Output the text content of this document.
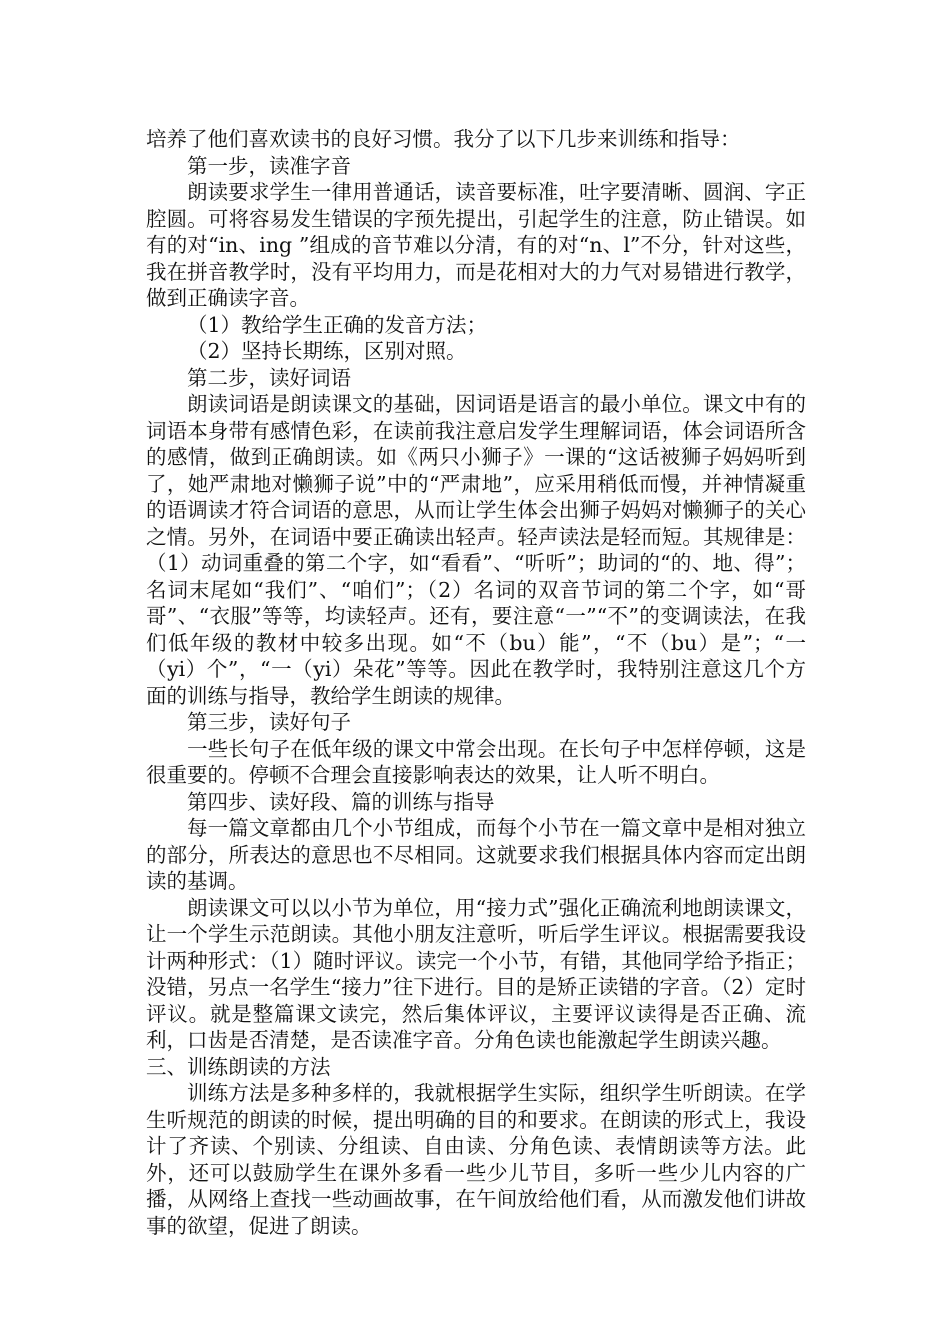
培养了他们喜欢读书的良好习惯。我分了以下几步来训练和指导：

第一步，读准字音

朗读要求学生一律用普通话，读音要标准，吐字要清晰、圆润、字正腔圆。可将容易发生错误的字预先提出，引起学生的注意，防止错误。如有的对“in、ing ”组成的音节难以分清，有的对“n、l”不分，针对这些，我在拼音教学时，没有平均用力，而是花相对大的力气对易错进行教学，做到正确读字音。

（1）教给学生正确的发音方法；

（2）坚持长期练，区别对照。

第二步，读好词语

朗读词语是朗读课文的基础，因词语是语言的最小单位。课文中有的词语本身带有感情色彩，在读前我注意启发学生理解词语，体会词语所含的感情，做到正确朗读。如《两只小狮子》一课的“这话被狮子妈妈听到了，她严肃地对懒狮子说”中的“严肃地”，应采用稍低而慢，并神情凝重的语调读才符合词语的意思，从而让学生体会出狮子妈妈对懒狮子的关心之情。另外，在词语中要正确读出轻声。轻声读法是轻而短。其规律是：（1）动词重叠的第二个字，如“看看”、“听听”；助词的“的、地、得”；名词末尾如“我们”、“咱们”；（2）名词的双音节词的第二个字，如“哥哥”、“衣服”等等，均读轻声。还有，要注意“一”“不”的变调读法，在我们低年级的教材中较多出现。如“不（bu）能”，“不（bu）是”；“一（yi）个”，“一（yi）朵花”等等。因此在教学时，我特别注意这几个方面的训练与指导，教给学生朗读的规律。

第三步，读好句子

一些长句子在低年级的课文中常会出现。在长句子中怎样停顿，这是很重要的。停顿不合理会直接影响表达的效果，让人听不明白。

第四步、读好段、篇的训练与指导

每一篇文章都由几个小节组成，而每个小节在一篇文章中是相对独立的部分，所表达的意思也不尽相同。这就要求我们根据具体内容而定出朗读的基调。

朗读课文可以以小节为单位，用“接力式”强化正确流利地朗读课文，让一个学生示范朗读。其他小朋友注意听，听后学生评议。根据需要我设计两种形式：（1）随时评议。读完一个小节，有错，其他同学给予指正；没错，另点一名学生“接力”往下进行。目的是矫正读错的字音。（2）定时评议。就是整篇课文读完，然后集体评议，主要评议读得是否正确、流利，口齿是否清楚，是否读准字音。分角色读也能激起学生朗读兴趣。

三、训练朗读的方法

训练方法是多种多样的，我就根据学生实际，组织学生听朗读。在学生听规范的朗读的时候，提出明确的目的和要求。在朗读的形式上，我设计了齐读、个别读、分组读、自由读、分角色读、表情朗读等方法。此外，还可以鼓励学生在课外多看一些少儿节目，多听一些少儿内容的广播，从网络上查找一些动画故事，在午间放给他们看，从而激发他们讲故事的欲望，促进了朗读。
